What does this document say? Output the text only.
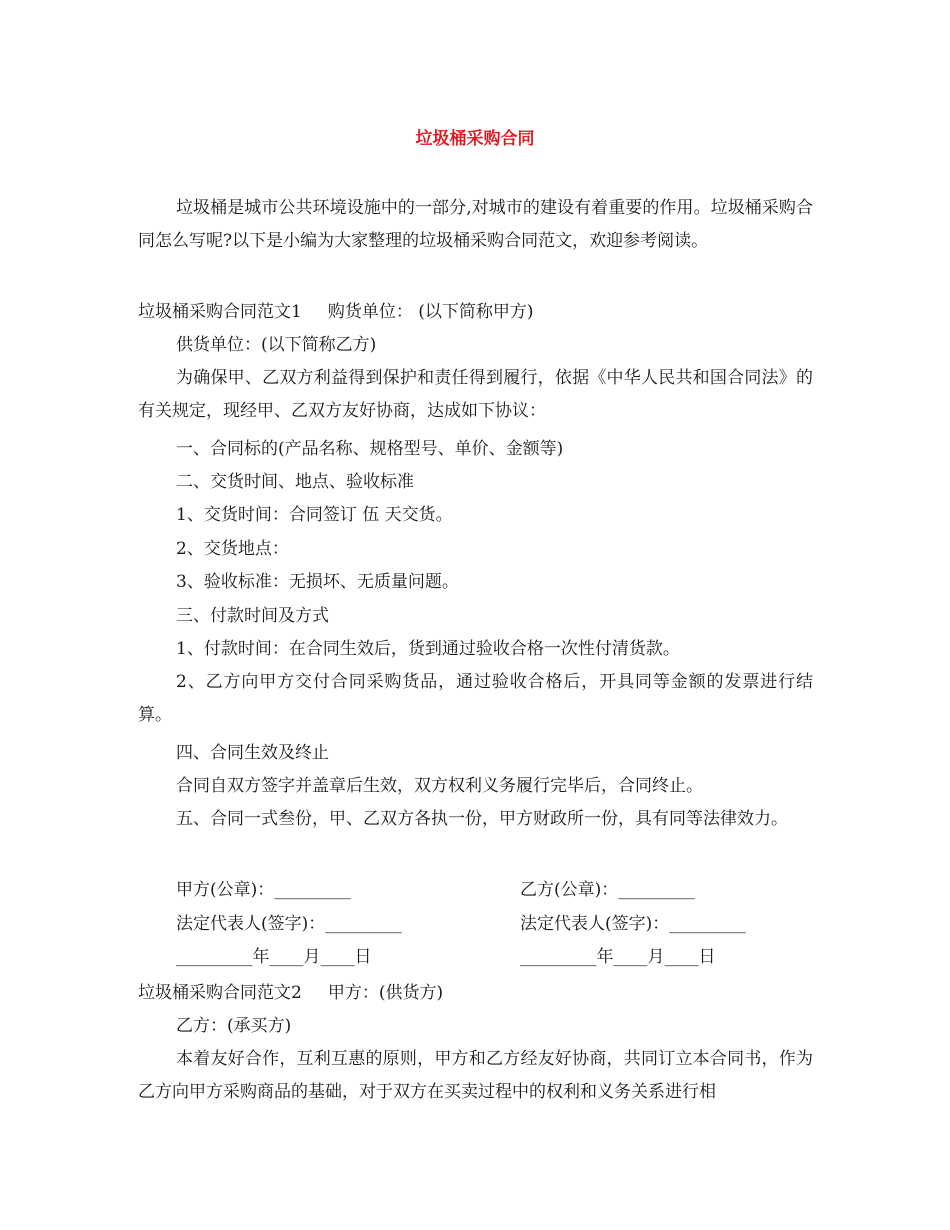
垃圾桶采购合同
垃圾桶是城市公共环境设施中的一部分,对城市的建设有着重要的作用。垃圾桶采购合同怎么写呢?以下是小编为大家整理的垃圾桶采购合同范文，欢迎参考阅读。
垃圾桶采购合同范文1 购货单位： (以下简称甲方)
供货单位：(以下简称乙方)
为确保甲、乙双方利益得到保护和责任得到履行，依据《中华人民共和国合同法》的有关规定，现经甲、乙双方友好协商，达成如下协议：
一、合同标的(产品名称、规格型号、单价、金额等)
二、交货时间、地点、验收标准
1、交货时间：合同签订 伍 天交货。
2、交货地点：
3、验收标准：无损坏、无质量问题。
三、付款时间及方式
1、付款时间：在合同生效后，货到通过验收合格一次性付清货款。
2、乙方向甲方交付合同采购货品，通过验收合格后，开具同等金额的发票进行结算。
四、合同生效及终止
合同自双方签字并盖章后生效，双方权利义务履行完毕后，合同终止。
五、合同一式叁份，甲、乙双方各执一份，甲方财政所一份，具有同等法律效力。
甲方(公章)：_________	乙方(公章)：_________
法定代表人(签字)：_________	法定代表人(签字)：_________
_________年____月____日	_________年____月____日
垃圾桶采购合同范文2 甲方：(供货方)
乙方：(承买方)
本着友好合作，互利互惠的原则，甲方和乙方经友好协商，共同订立本合同书，作为乙方向甲方采购商品的基础，对于双方在买卖过程中的权利和义务关系进行相
